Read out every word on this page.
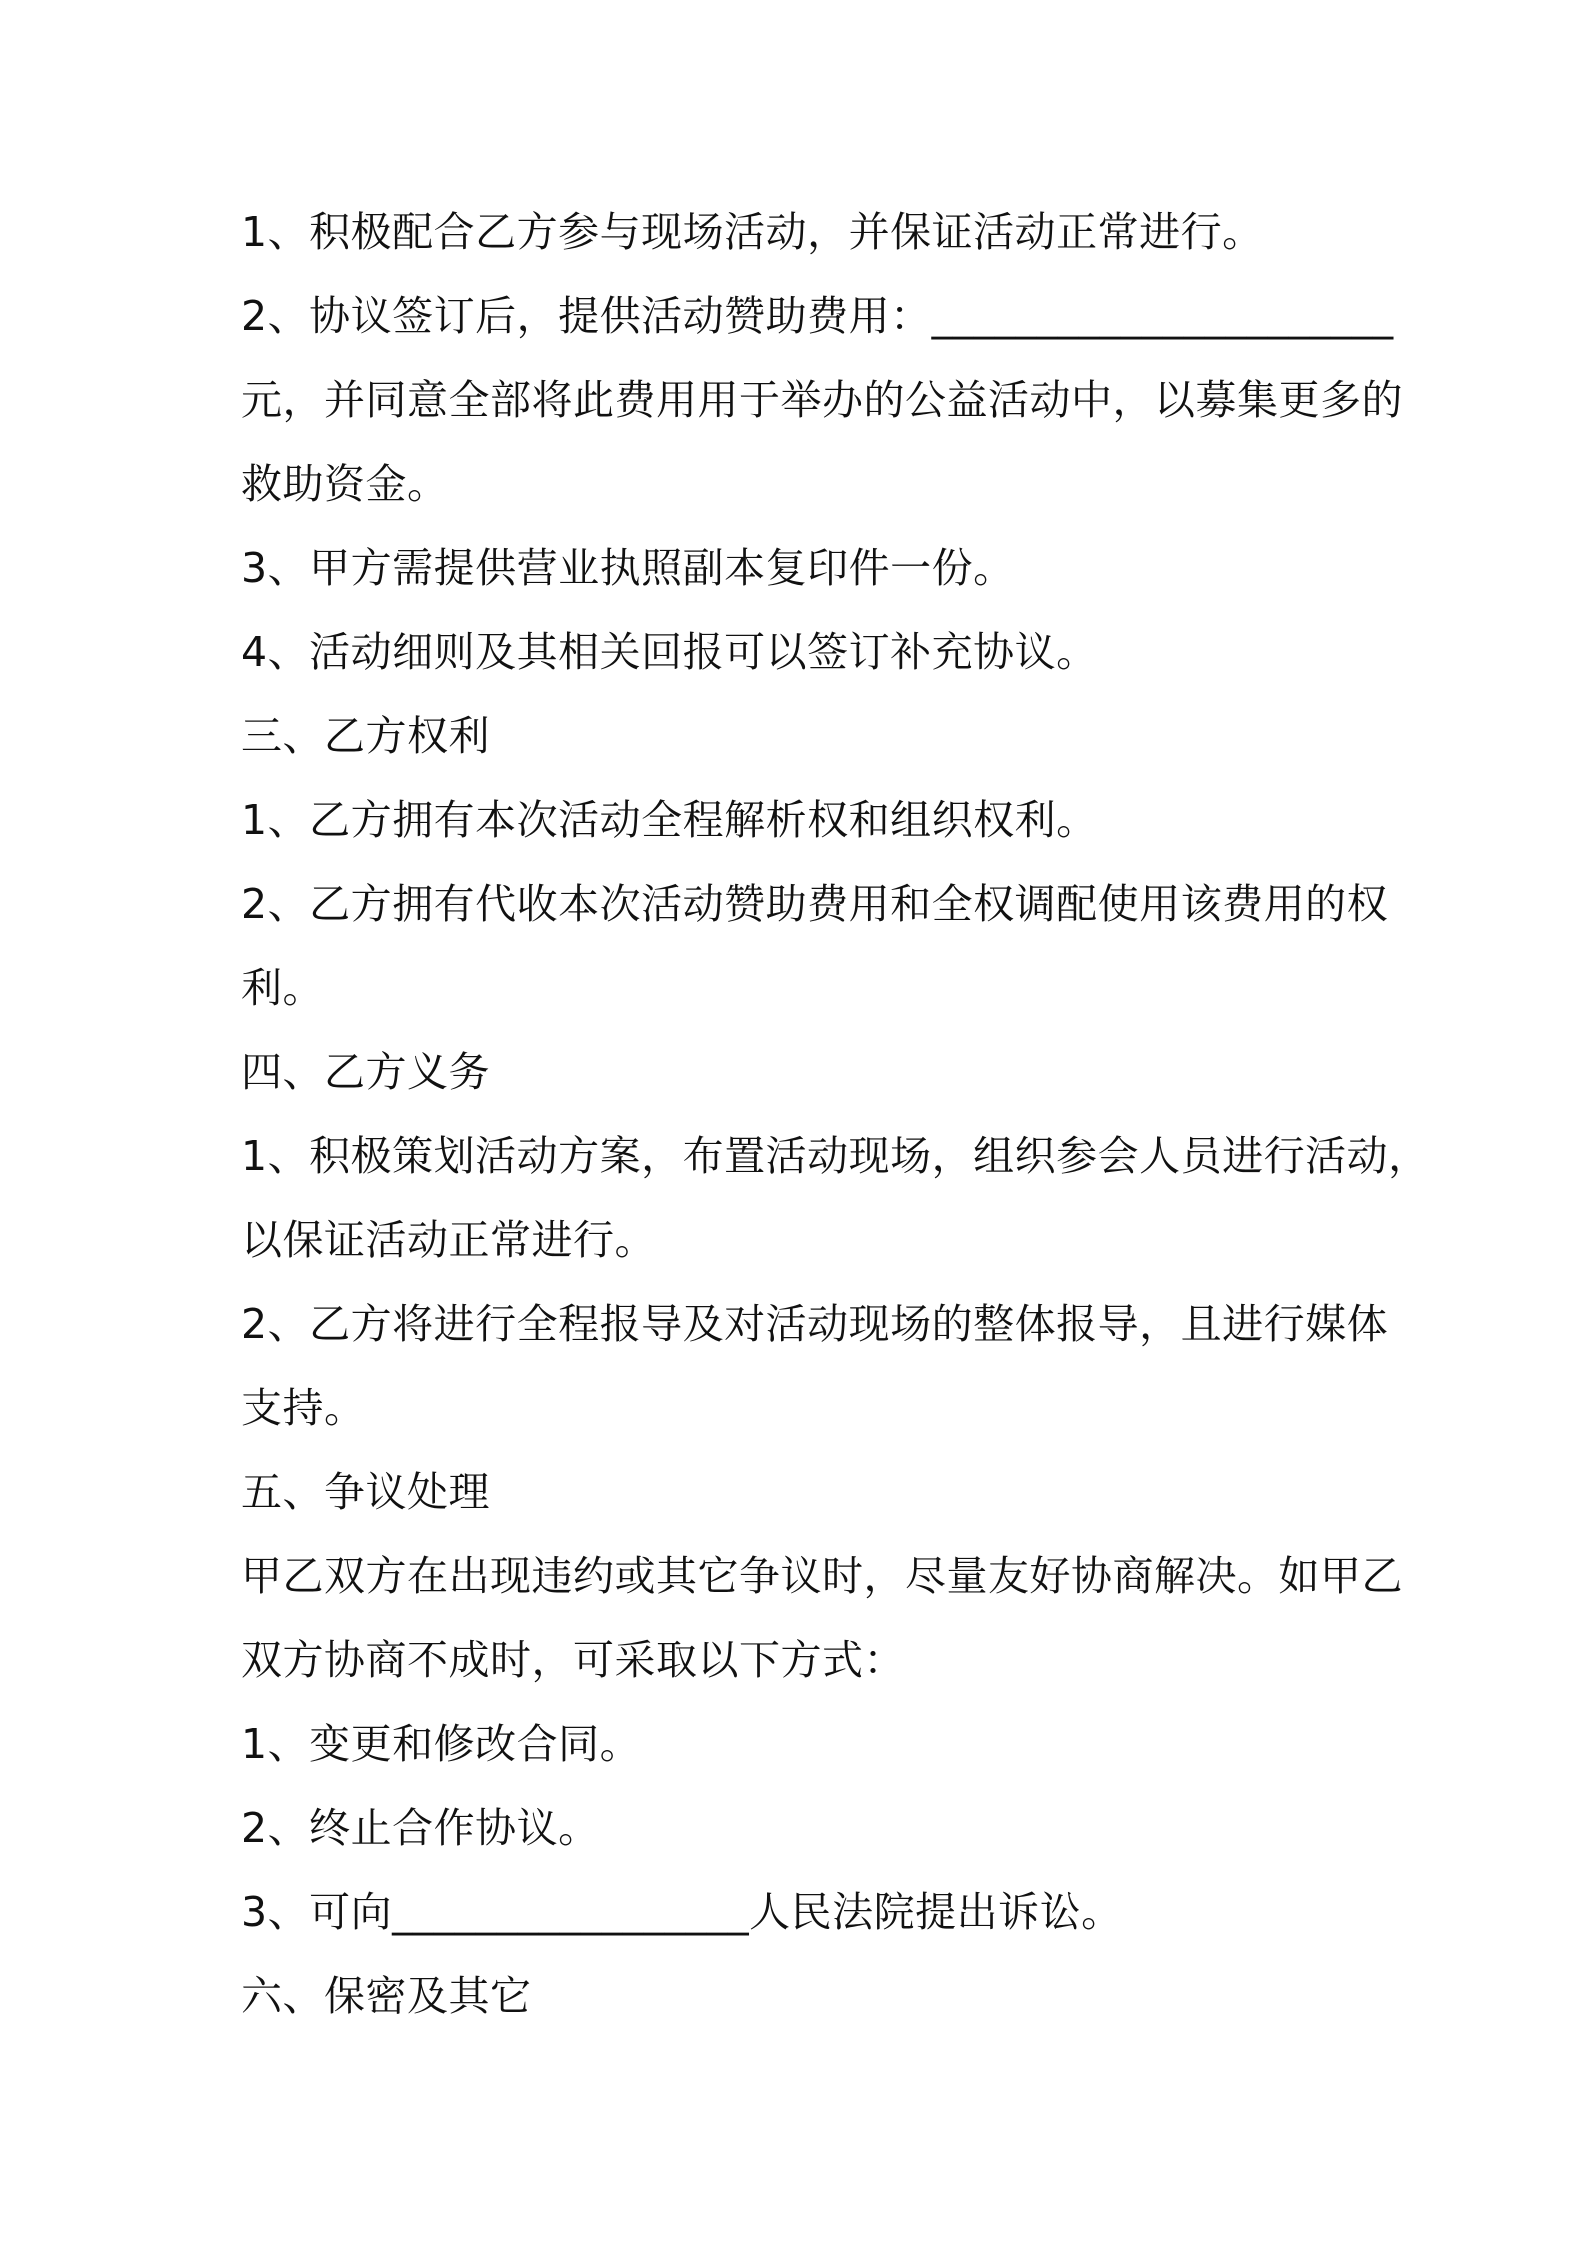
1、积极配合乙方参与现场活动，并保证活动正常进行。
2、协议签订后，提供活动赞助费用：______________________
元，并同意全部将此费用用于举办的公益活动中，以募集更多的
救助资金。
3、甲方需提供营业执照副本复印件一份。
4、活动细则及其相关回报可以签订补充协议。
三、乙方权利
1、乙方拥有本次活动全程解析权和组织权利。
2、乙方拥有代收本次活动赞助费用和全权调配使用该费用的权
利。
四、乙方义务
1、积极策划活动方案，布置活动现场，组织参会人员进行活动，
以保证活动正常进行。
2、乙方将进行全程报导及对活动现场的整体报导，且进行媒体
支持。
五、争议处理
甲乙双方在出现违约或其它争议时，尽量友好协商解决。如甲乙
双方协商不成时，可采取以下方式：
1、变更和修改合同。
2、终止合作协议。
3、可向_________________人民法院提出诉讼。
六、保密及其它
